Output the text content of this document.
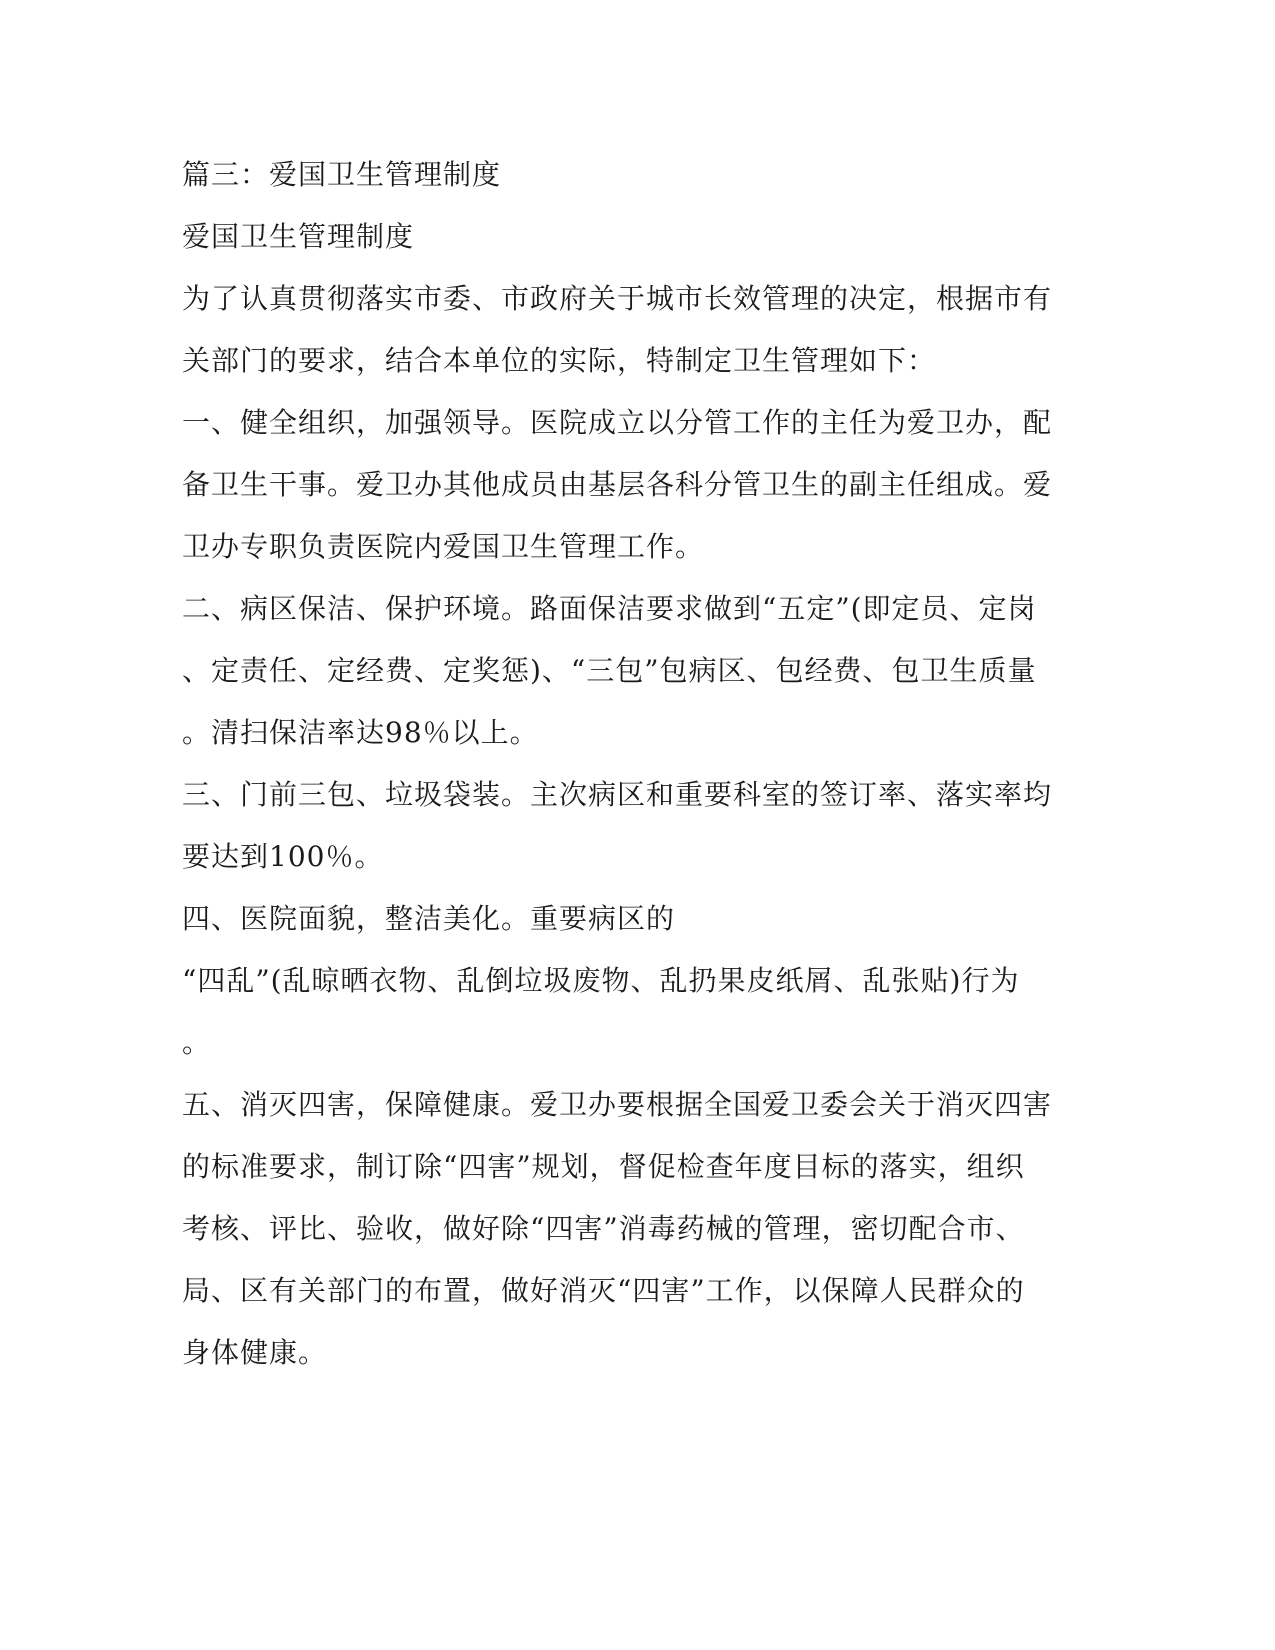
篇三：爱国卫生管理制度

爱国卫生管理制度

为了认真贯彻落实市委、市政府关于城市长效管理的决定，根据市有

关部门的要求，结合本单位的实际，特制定卫生管理如下：

一、健全组织，加强领导。医院成立以分管工作的主任为爱卫办，配

备卫生干事。爱卫办其他成员由基层各科分管卫生的副主任组成。爱

卫办专职负责医院内爱国卫生管理工作。

二、病区保洁、保护环境。路面保洁要求做到“五定”(即定员、定岗

、定责任、定经费、定奖惩)、“三包”包病区、包经费、包卫生质量

。清扫保洁率达98％以上。

三、门前三包、垃圾袋装。主次病区和重要科室的签订率、落实率均

要达到100％。

四、医院面貌，整洁美化。重要病区的

“四乱”(乱晾晒衣物、乱倒垃圾废物、乱扔果皮纸屑、乱张贴)行为

。

五、消灭四害，保障健康。爱卫办要根据全国爱卫委会关于消灭四害

的标准要求，制订除“四害”规划，督促检查年度目标的落实，组织

考核、评比、验收，做好除“四害”消毒药械的管理，密切配合市、

局、区有关部门的布置，做好消灭“四害”工作，以保障人民群众的

身体健康。
